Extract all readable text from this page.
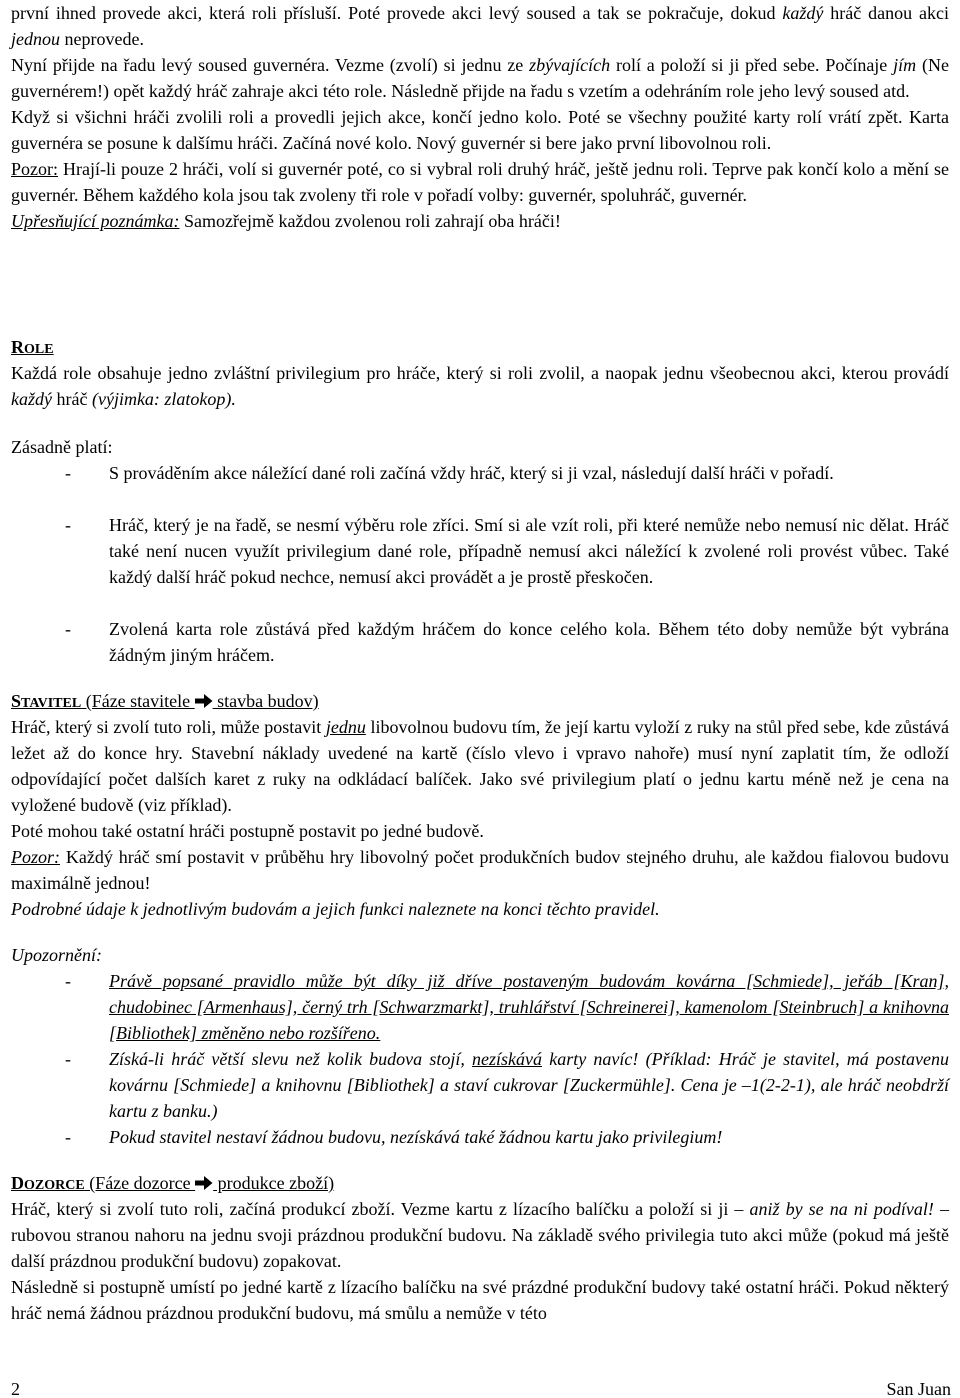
první ihned provede akci, která roli přísluší. Poté provede akci levý soused a tak se pokračuje, dokud každý hráč danou akci jednou neprovede.

Nyní přijde na řadu levý soused guvernéra. Vezme (zvolí) si jednu ze zbývajících rolí a položí si ji před sebe. Počínaje jím (Ne guvernérem!) opět každý hráč zahraje akci této role. Následně přijde na řadu s vzetím a odehráním role jeho levý soused atd.

Když si všichni hráči zvolili roli a provedli jejich akce, končí jedno kolo. Poté se všechny použité karty rolí vrátí zpět. Karta guvernéra se posune k dalšímu hráči. Začíná nové kolo. Nový guvernér si bere jako první libovolnou roli.

Pozor: Hrají-li pouze 2 hráči, volí si guvernér poté, co si vybral roli druhý hráč, ještě jednu roli. Teprve pak končí kolo a mění se guvernér. Během každého kola jsou tak zvoleny tři role v pořadí volby: guvernér, spoluhráč, guvernér.

Upřesňující poznámka: Samozřejmě každou zvolenou roli zahrají oba hráči!

ROLE

Každá role obsahuje jedno zvláštní privilegium pro hráče, který si roli zvolil, a naopak jednu všeobecnou akci, kterou provádí každý hráč (výjimka: zlatokop).

Zásadně platí:

- S prováděním akce náležící dané roli začíná vždy hráč, který si ji vzal, následují další hráči v pořadí.
- Hráč, který je na řadě, se nesmí výběru role zříci. Smí si ale vzít roli, při které nemůže nebo nemusí nic dělat. Hráč také není nucen využít privilegium dané role, případně nemusí akci náležící k zvolené roli provést vůbec. Také každý další hráč pokud nechce, nemusí akci provádět a je prostě přeskočen.
- Zvolená karta role zůstává před každým hráčem do konce celého kola. Během této doby nemůže být vybrána žádným jiným hráčem.
STAVITEL (Fáze stavitele  stavba budov)

Hráč, který si zvolí tuto roli, může postavit jednu libovolnou budovu tím, že její kartu vyloží z ruky na stůl před sebe, kde zůstává ležet až do konce hry. Stavební náklady uvedené na kartě (číslo vlevo i vpravo nahoře) musí nyní zaplatit tím, že odloží odpovídající počet dalších karet z ruky na odkládací balíček. Jako své privilegium platí o jednu kartu méně než je cena na vyložené budově (viz příklad).

Poté mohou také ostatní hráči postupně postavit po jedné budově.

Pozor: Každý hráč smí postavit v průběhu hry libovolný počet produkčních budov stejného druhu, ale každou fialovou budovu maximálně jednou!

Podrobné údaje k jednotlivým budovám a jejich funkci naleznete na konci těchto pravidel.

Upozornění:

- Právě popsané pravidlo může být díky již dříve postaveným budovám kovárna [Schmiede], jeřáb [Kran], chudobinec [Armenhaus], černý trh [Schwarzmarkt], truhlářství [Schreinerei], kamenolom [Steinbruch] a knihovna [Bibliothek] změněno nebo rozšířeno.
- Získá-li hráč větší slevu než kolik budova stojí, nezískává karty navíc! (Příklad: Hráč je stavitel, má postavenu kovárnu [Schmiede] a knihovnu [Bibliothek] a staví cukrovar [Zuckermühle]. Cena je –1(2-2-1), ale hráč neobdrží kartu z banku.)
- Pokud stavitel nestaví žádnou budovu, nezískává také žádnou kartu jako privilegium!
DOZORCE (Fáze dozorce  produkce zboží)

Hráč, který si zvolí tuto roli, začíná produkcí zboží. Vezme kartu z lízacího balíčku a položí si ji – aniž by se na ni podíval! – rubovou stranou nahoru na jednu svoji prázdnou produkční budovu. Na základě svého privilegia tuto akci může (pokud má ještě další prázdnou produkční budovu) zopakovat.

Následně si postupně umístí po jedné kartě z lízacího balíčku na své prázdné produkční budovy také ostatní hráči. Pokud některý hráč nemá žádnou prázdnou produkční budovu, má smůlu a nemůže v této

2	San Juan
